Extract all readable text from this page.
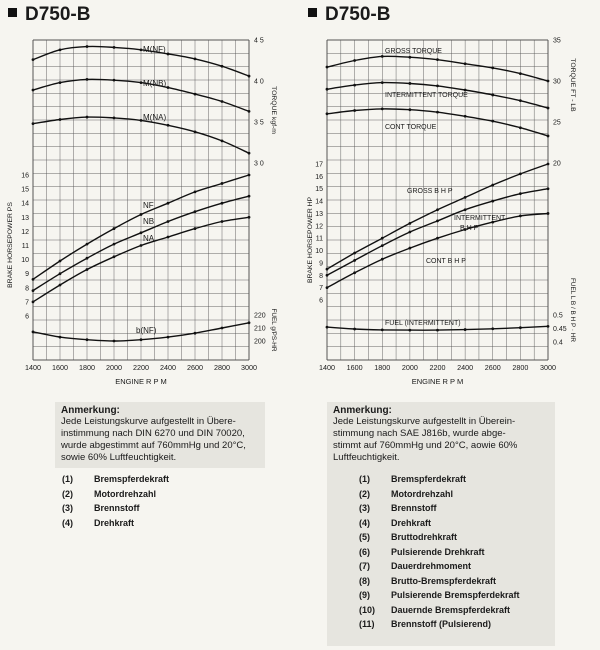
D750-B
1400 1600 1800 2000 2200 2400 2600 2800 3000
ENGINE R P M
6
7
8
9
10
11
12
13
14
15
16
BRAKE HORSEPOWER PS
3 0
3 5
4 0
4 5
TORQUE kgf-m
200
210
220 FUEL g/PS-HR
M(NF)
M(NB)
M(NA)
NF
NB
NA
b(NF)
Anmerkung:
Jede Leistungskurve aufgestellt in Übere-
instimmung nach DIN 6270 und DIN 70020,
wurde abgestimmt auf 760mmHg und 20°C,
sowie 60% Luftfeuchtigkeit.
(1)	Bremspferdekraft
(2)	Motordrehzahl
(3)	Brennstoff
(4)	Drehkraft
D750-B
1400 1600 1800 2000 2200 2400 2600 2800 3000
ENGINE R P M
6
7
8
9
10
11
12
13
14
15
16
17
BRAKE HORSEPOWER HP
20
25
30
35
TORQUE FT - LB
0.4
0.45
0.5 FUEL L B / B H P · HR
GROSS TORQUE
INTERMITTENT TORQUE
CONT TORQUE
GROSS B H P
INTERMITTENT
B H P
CONT B H P
FUEL (INTERMITTENT)
Anmerkung:
Jede Leistungskurve aufgestellt in Überein-
stimmung nach SAE J816b, wurde abge-
stimmt auf 760mmHg und 20°C, aowie 60%
Luftfeuchtigkeit.
(1)	Bremspferdekraft
(2)	Motordrehzahl
(3)	Brennstoff
(4)	Drehkraft
(5)	Bruttodrehkraft
(6)	Pulsierende Drehkraft
(7)	Dauerdrehmoment
(8)	Brutto-Bremspferdekraft
(9)	Pulsierende Bremspferdekraft
(10)	Dauernde Bremspferdekraft
(11)	Brennstoff (Pulsierend)
